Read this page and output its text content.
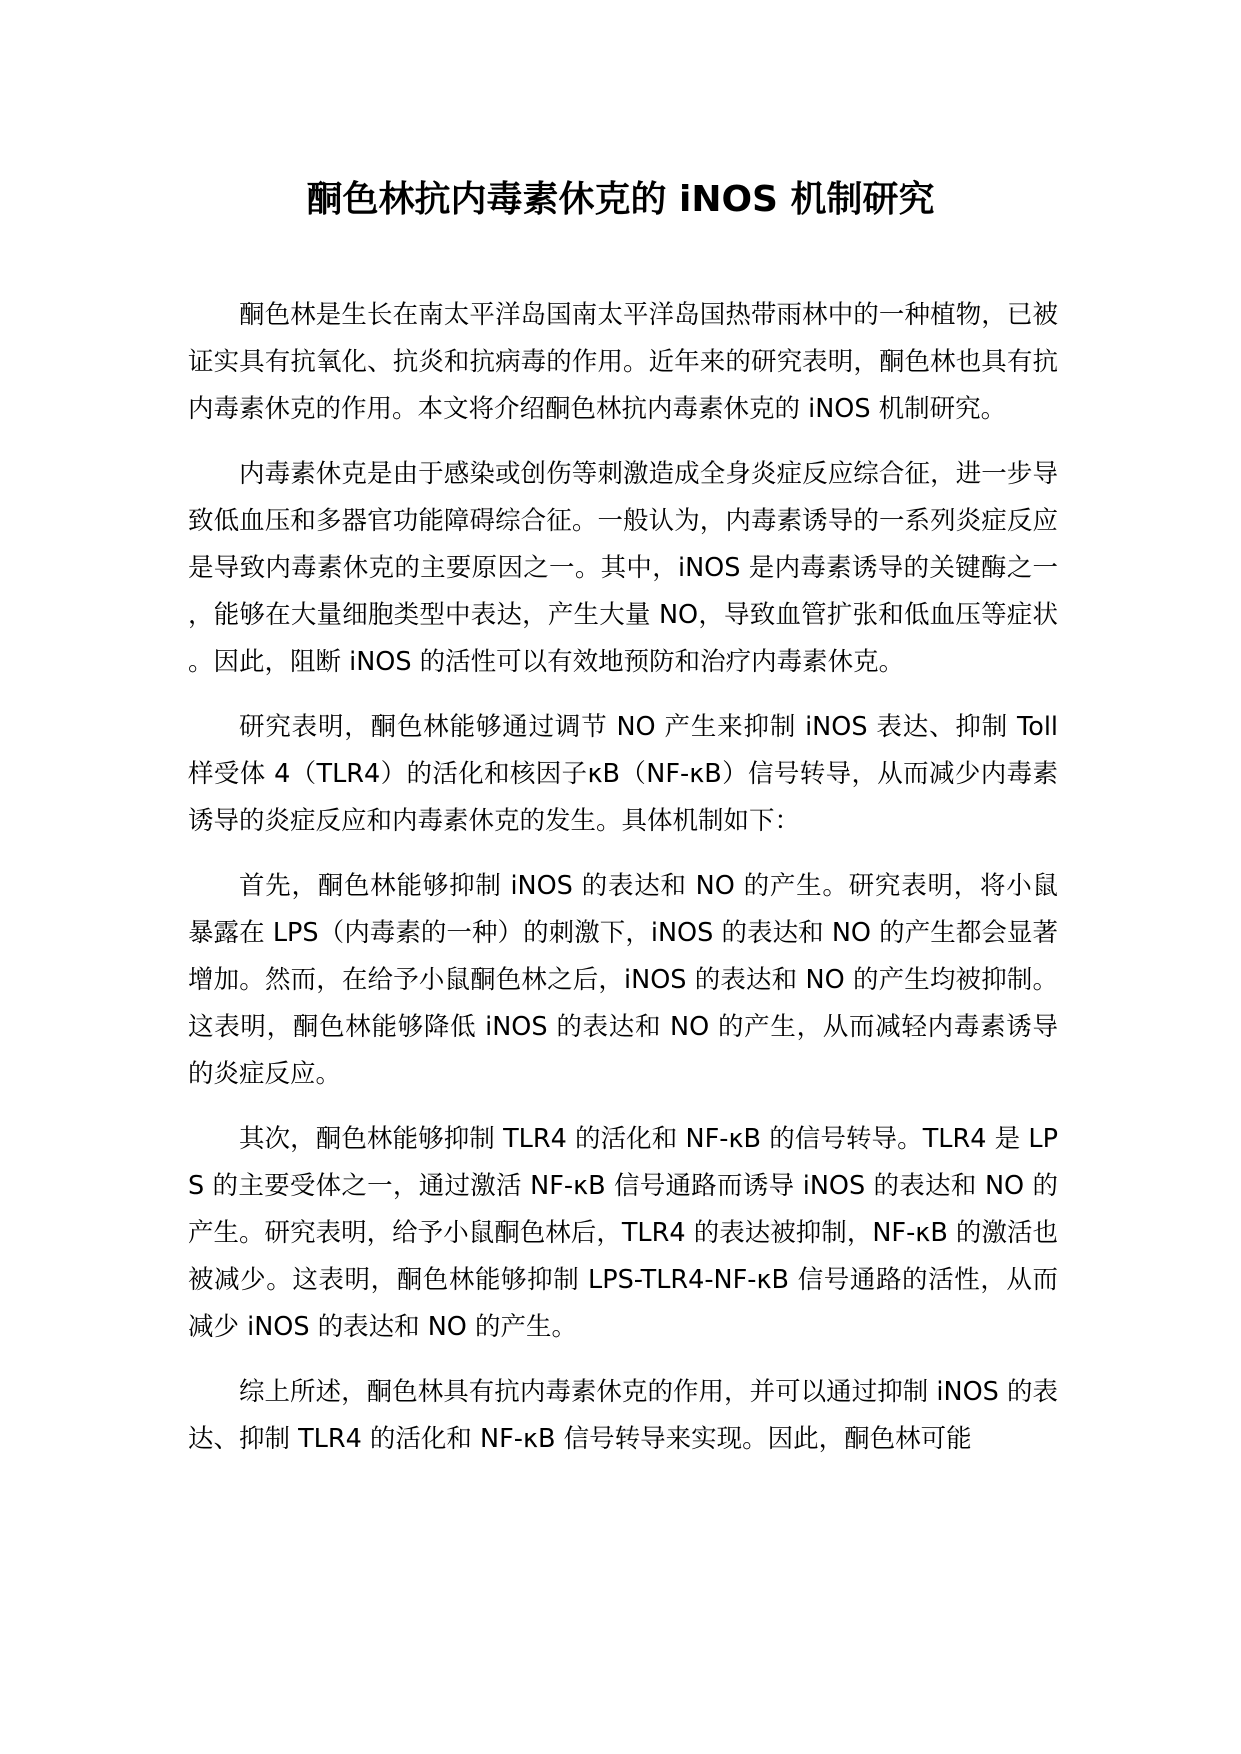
酮色林抗内毒素休克的 iNOS 机制研究

酮色林是生长在南太平洋岛国南太平洋岛国热带雨林中的一种植物，已被证实具有抗氧化、抗炎和抗病毒的作用。近年来的研究表明，酮色林也具有抗内毒素休克的作用。本文将介绍酮色林抗内毒素休克的 iNOS 机制研究。

内毒素休克是由于感染或创伤等刺激造成全身炎症反应综合征，进一步导致低血压和多器官功能障碍综合征。一般认为，内毒素诱导的一系列炎症反应是导致内毒素休克的主要原因之一。其中，iNOS 是内毒素诱导的关键酶之一，能够在大量细胞类型中表达，产生大量 NO，导致血管扩张和低血压等症状。因此，阻断 iNOS 的活性可以有效地预防和治疗内毒素休克。

研究表明，酮色林能够通过调节 NO 产生来抑制 iNOS 表达、抑制 Toll 样受体 4（TLR4）的活化和核因子κB（NF-κB）信号转导，从而减少内毒素诱导的炎症反应和内毒素休克的发生。具体机制如下：

首先，酮色林能够抑制 iNOS 的表达和 NO 的产生。研究表明，将小鼠暴露在 LPS（内毒素的一种）的刺激下，iNOS 的表达和 NO 的产生都会显著增加。然而，在给予小鼠酮色林之后，iNOS 的表达和 NO 的产生均被抑制。这表明，酮色林能够降低 iNOS 的表达和 NO 的产生，从而减轻内毒素诱导的炎症反应。

其次，酮色林能够抑制 TLR4 的活化和 NF-κB 的信号转导。TLR4 是 LPS 的主要受体之一，通过激活 NF-κB 信号通路而诱导 iNOS 的表达和 NO 的产生。研究表明，给予小鼠酮色林后，TLR4 的表达被抑制，NF-κB 的激活也被减少。这表明，酮色林能够抑制 LPS-TLR4-NF-κB 信号通路的活性，从而减少 iNOS 的表达和 NO 的产生。

综上所述，酮色林具有抗内毒素休克的作用，并可以通过抑制 iNOS 的表达、抑制 TLR4 的活化和 NF-κB 信号转导来实现。因此，酮色林可能
